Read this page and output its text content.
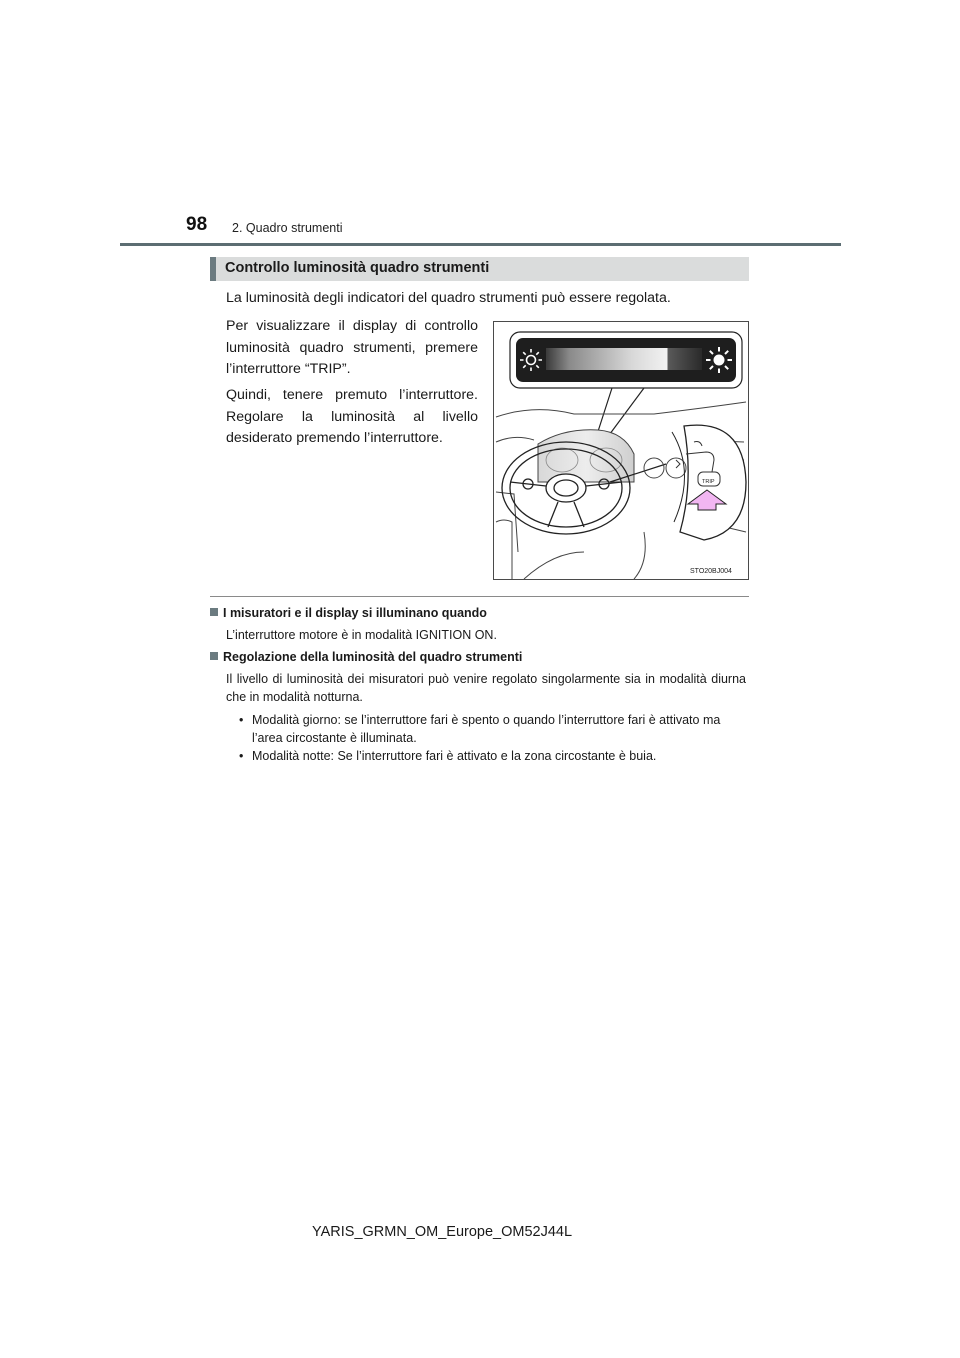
98 2. Quadro strumenti
Controllo luminosità quadro strumenti
La luminosità degli indicatori del quadro strumenti può essere regolata.
Per visualizzare il display di controllo luminosità quadro strumenti, premere l’interruttore “TRIP”.
Quindi, tenere premuto l’interruttore. Regolare la luminosità al livello desiderato premendo l’interruttore.
TRIP
STO20BJ004
I misuratori e il display si illuminano quando
L’interruttore motore è in modalità IGNITION ON.
Regolazione della luminosità del quadro strumenti
Il livello di luminosità dei misuratori può venire regolato singolarmente sia in modalità diurna che in modalità notturna.
• Modalità giorno: se l’interruttore fari è spento o quando l’interruttore fari è attivato ma l’area circostante è illuminata.
• Modalità notte: Se l’interruttore fari è attivato e la zona circostante è buia.
YARIS_GRMN_OM_Europe_OM52J44L
